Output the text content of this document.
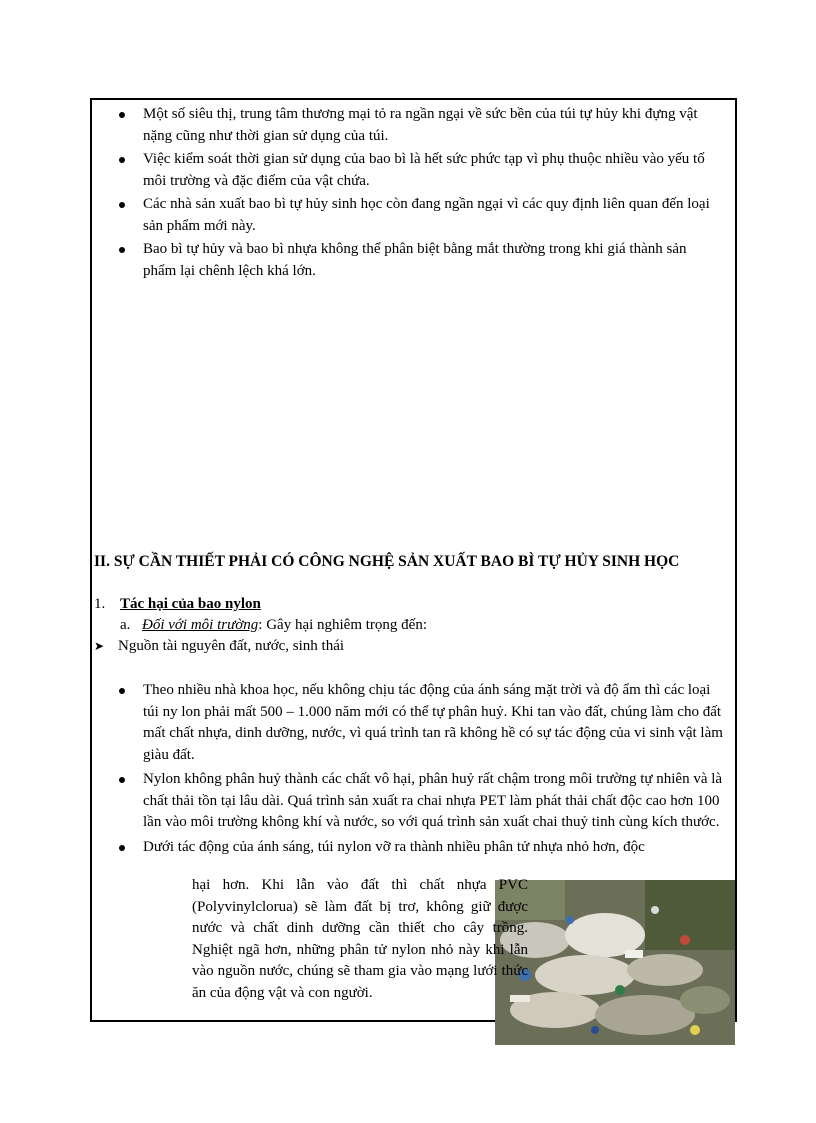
Một số siêu thị, trung tâm thương mại tỏ ra ngần ngại về sức bền của túi tự hủy khi đựng vật nặng cũng như thời gian sử dụng của túi.
Việc kiểm soát thời gian sử dụng của bao bì là hết sức phức tạp vì phụ thuộc nhiều vào yếu tố môi trường và đặc điểm của vật chứa.
Các nhà sản xuất bao bì tự hủy sinh học còn đang ngần ngại vì các quy định liên quan đến loại sản phẩm mới này.
Bao bì tự hủy và bao bì nhựa không thể phân biệt bằng mắt thường trong khi giá thành sản phẩm lại chênh lệch khá lớn.
II. SỰ CẦN THIẾT PHẢI CÓ CÔNG NGHỆ SẢN XUẤT BAO BÌ TỰ HỦY SINH HỌC
1. Tác hại của bao nylon
a. Đối với môi trường: Gây hại nghiêm trọng đến:
➤ Nguồn tài nguyên đất, nước, sinh thái
Theo nhiều nhà khoa học, nếu không chịu tác động của ánh sáng mặt trời và độ ẩm thì các loại túi ny lon phải mất 500 – 1.000 năm mới có thể tự phân huỷ. Khi tan vào đất, chúng làm cho đất mất chất nhựa, dinh dưỡng, nước, vì quá trình tan rã không hề có sự tác động của vi sinh vật làm giàu đất.
Nylon không phân huỷ thành các chất vô hại, phân huỷ rất chậm trong môi trường tự nhiên và là chất thải tồn tại lâu dài. Quá trình sản xuất ra chai nhựa PET làm phát thải chất độc cao hơn 100 lần vào môi trường không khí và nước, so với quá trình sản xuất chai thuỷ tinh cùng kích thước.
Dưới tác động của ánh sáng, túi nylon vỡ ra thành nhiều phân tử nhựa nhỏ hơn, độc
hại hơn. Khi lẫn vào đất thì chất nhựa PVC (Polyvinylclorua) sẽ làm đất bị trơ, không giữ được nước và chất dinh dưỡng cần thiết cho cây trồng. Nghiệt ngã hơn, những phân tử nylon nhỏ này khi lẫn vào nguồn nước, chúng sẽ tham gia vào mạng lưới thức ăn của động vật và con người.
